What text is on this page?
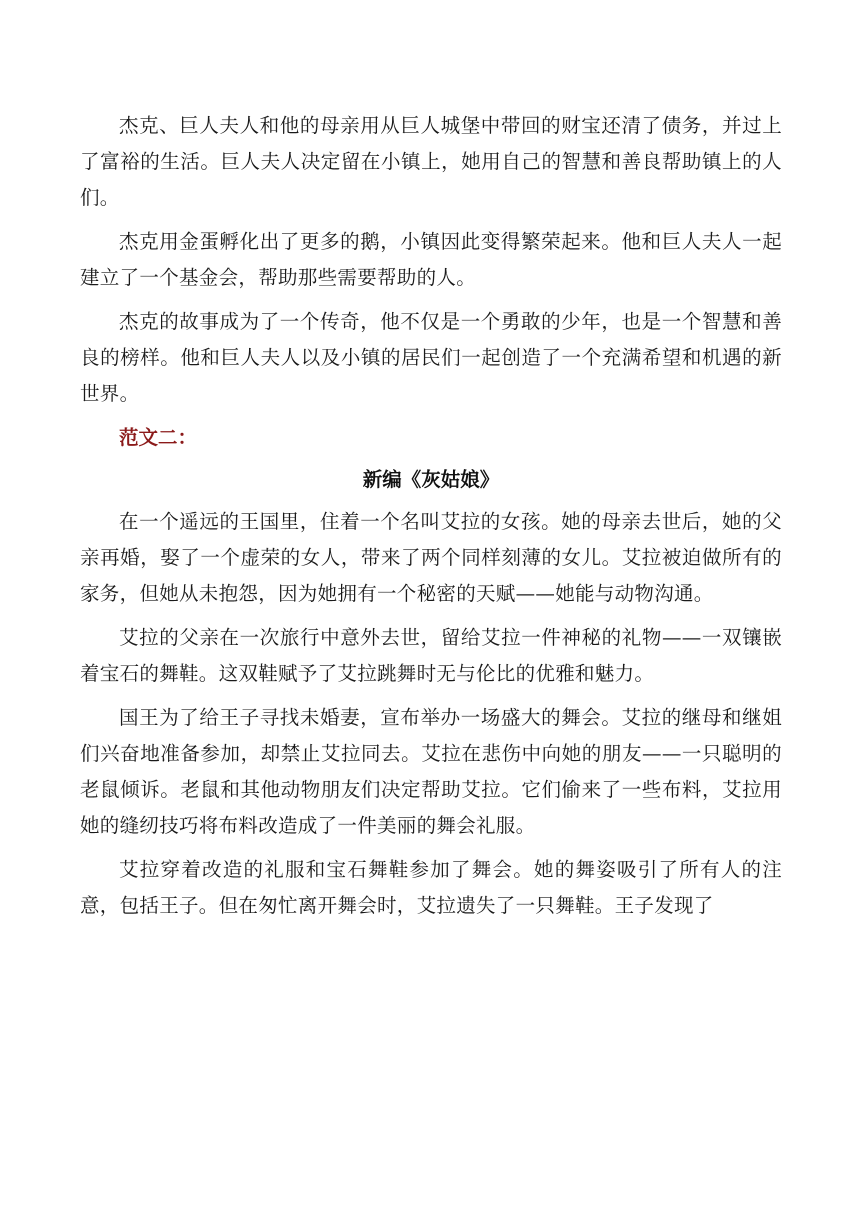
杰克、巨人夫人和他的母亲用从巨人城堡中带回的财宝还清了债务，并过上了富裕的生活。巨人夫人决定留在小镇上，她用自己的智慧和善良帮助镇上的人们。

杰克用金蛋孵化出了更多的鹅，小镇因此变得繁荣起来。他和巨人夫人一起建立了一个基金会，帮助那些需要帮助的人。

杰克的故事成为了一个传奇，他不仅是一个勇敢的少年，也是一个智慧和善良的榜样。他和巨人夫人以及小镇的居民们一起创造了一个充满希望和机遇的新世界。

范文二：

新编《灰姑娘》

在一个遥远的王国里，住着一个名叫艾拉的女孩。她的母亲去世后，她的父亲再婚，娶了一个虚荣的女人，带来了两个同样刻薄的女儿。艾拉被迫做所有的家务，但她从未抱怨，因为她拥有一个秘密的天赋——她能与动物沟通。

艾拉的父亲在一次旅行中意外去世，留给艾拉一件神秘的礼物——一双镶嵌着宝石的舞鞋。这双鞋赋予了艾拉跳舞时无与伦比的优雅和魅力。

国王为了给王子寻找未婚妻，宣布举办一场盛大的舞会。艾拉的继母和继姐们兴奋地准备参加，却禁止艾拉同去。艾拉在悲伤中向她的朋友——一只聪明的老鼠倾诉。老鼠和其他动物朋友们决定帮助艾拉。它们偷来了一些布料，艾拉用她的缝纫技巧将布料改造成了一件美丽的舞会礼服。

艾拉穿着改造的礼服和宝石舞鞋参加了舞会。她的舞姿吸引了所有人的注意，包括王子。但在匆忙离开舞会时，艾拉遗失了一只舞鞋。王子发现了
